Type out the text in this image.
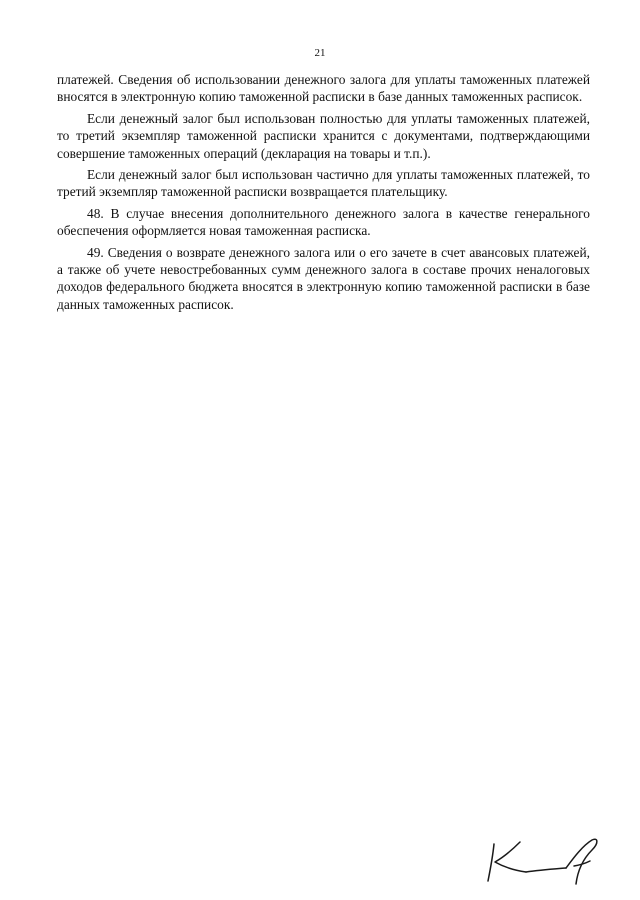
21

платежей. Сведения об использовании денежного залога для уплаты таможенных платежей вносятся в электронную копию таможенной расписки в базе данных таможенных расписок.

Если денежный залог был использован полностью для уплаты таможенных платежей, то третий экземпляр таможенной расписки хранится с документами, подтверждающими совершение таможенных операций (декларация на товары и т.п.).

Если денежный залог был использован частично для уплаты таможенных платежей, то третий экземпляр таможенной расписки возвращается плательщику.

48. В случае внесения дополнительного денежного залога в качестве генерального обеспечения оформляется новая таможенная расписка.

49. Сведения о возврате денежного залога или о его зачете в счет авансовых платежей, а также об учете невостребованных сумм денежного залога в составе прочих неналоговых доходов федерального бюджета вносятся в электронную копию таможенной расписки в базе данных таможенных расписок.
